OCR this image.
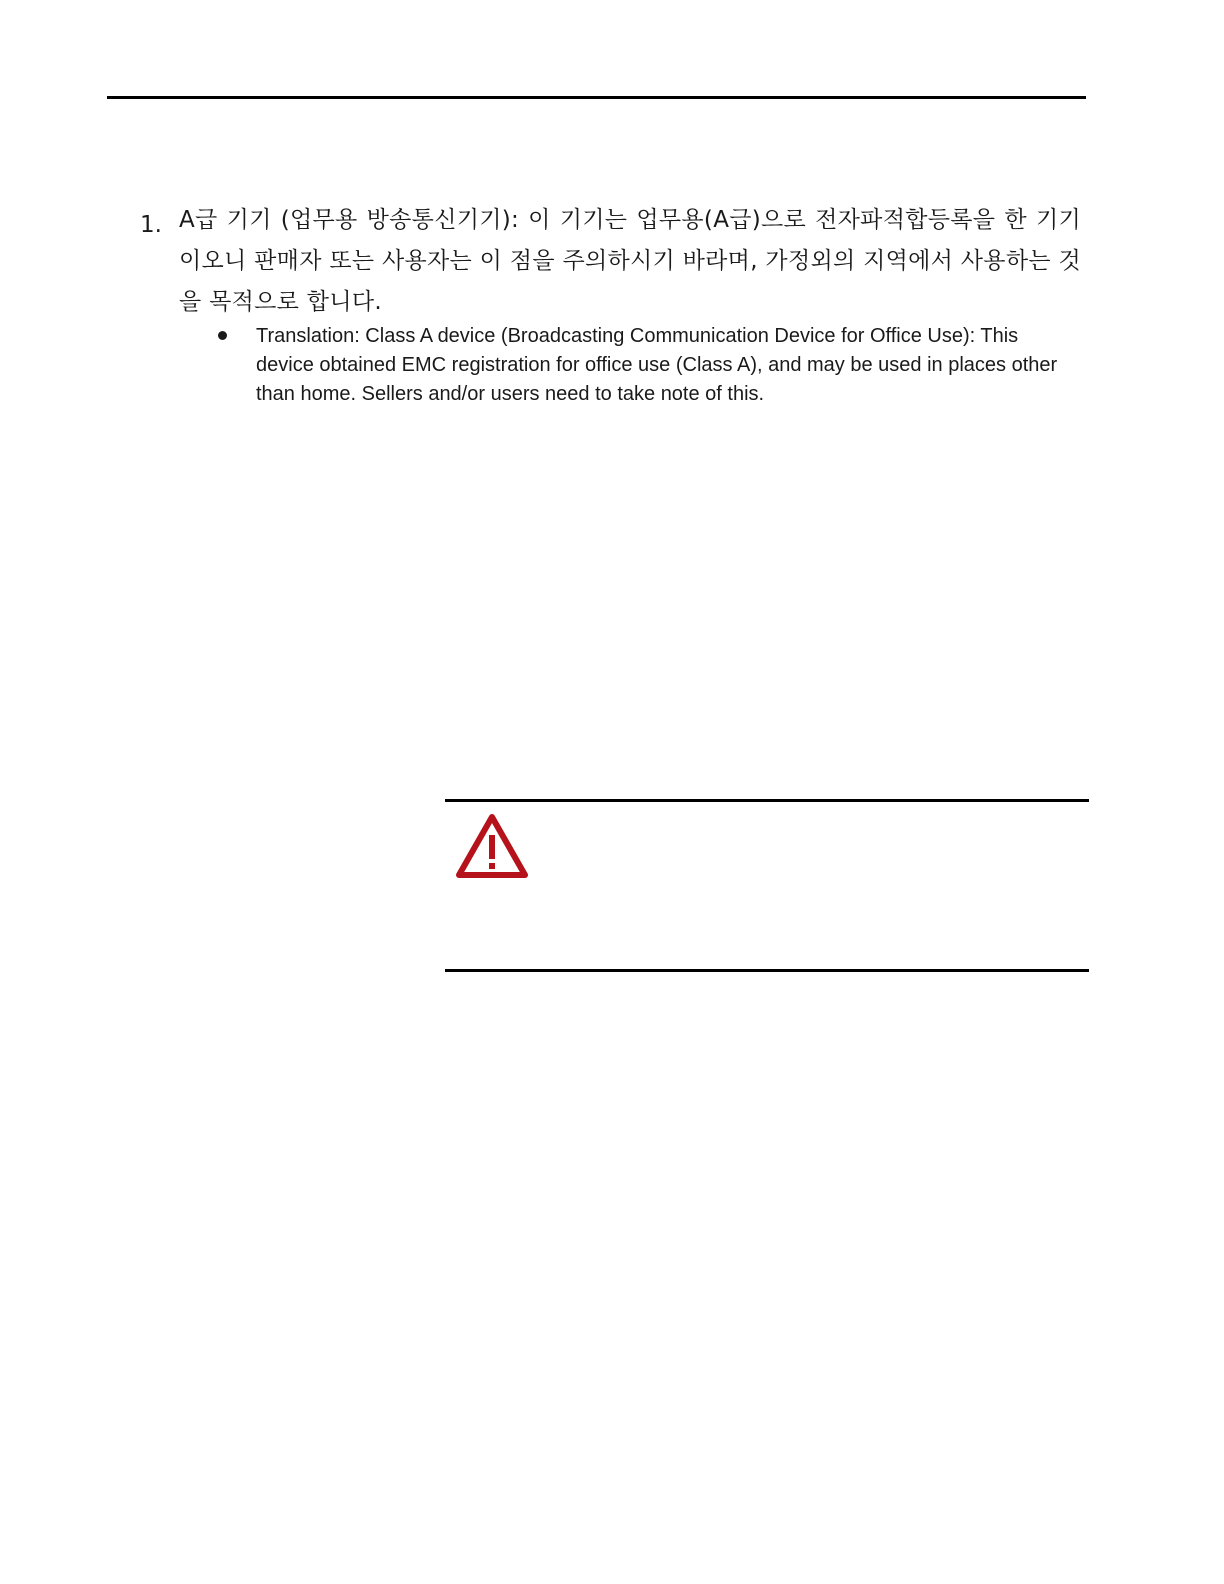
1. A급 기기 (업무용 방송통신기기): 이 기기는 업무용(A급)으로 전자파적합등록을 한 기기이오니 판매자 또는 사용자는 이 점을 주의하시기 바라며, 가정외의 지역에서 사용하는 것을 목적으로 합니다.
Translation: Class A device (Broadcasting Communication Device for Office Use): This device obtained EMC registration for office use (Class A), and may be used in places other than home. Sellers and/or users need to take note of this.
